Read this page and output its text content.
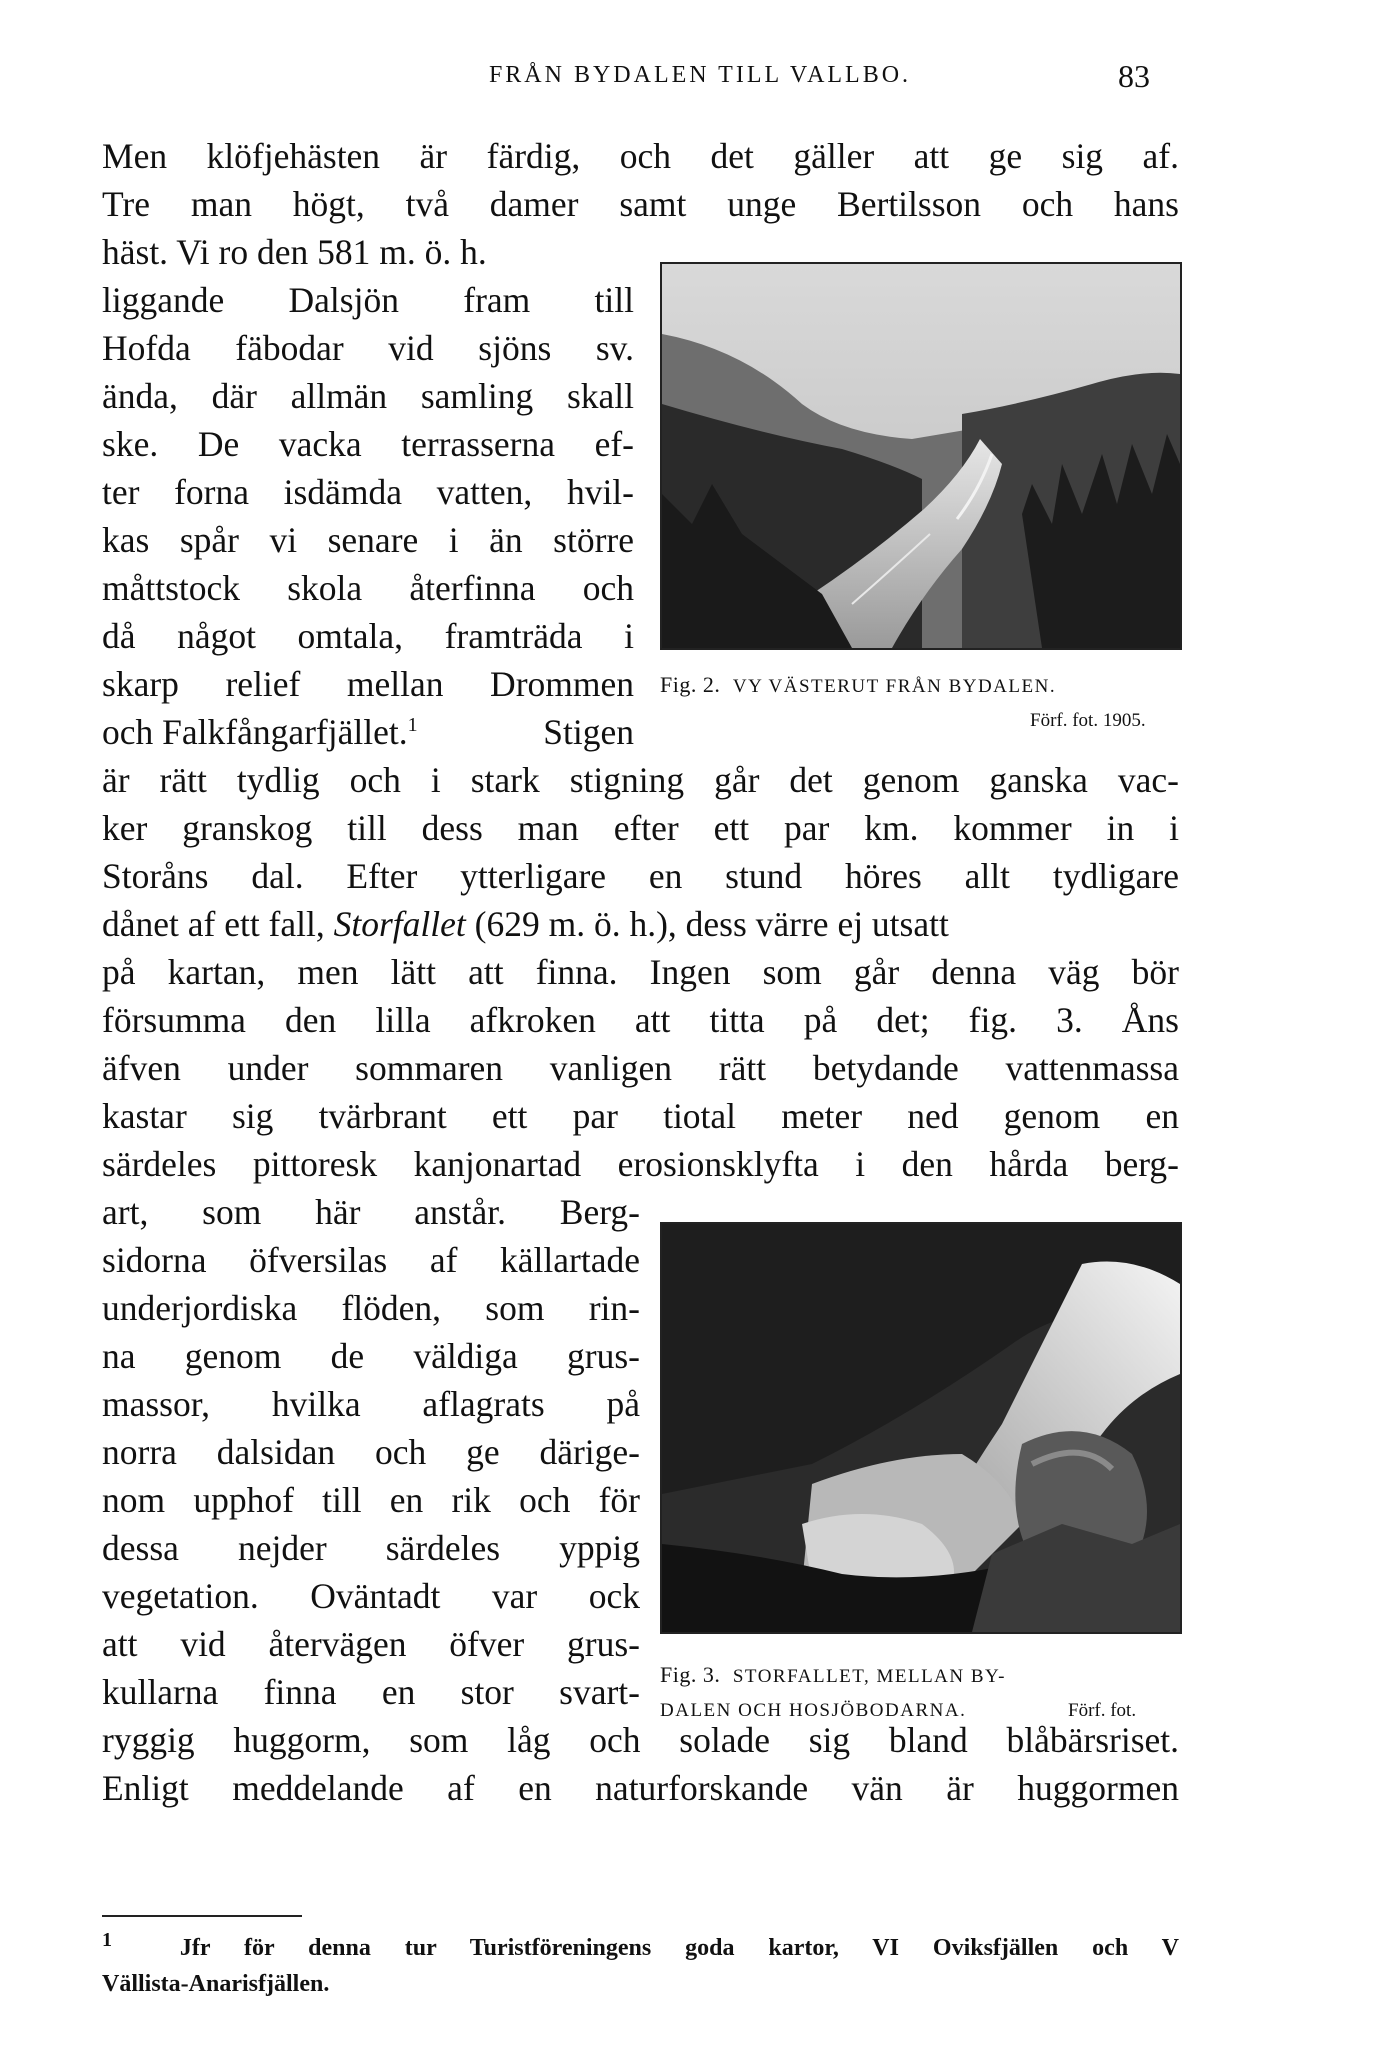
FRÅN BYDALEN TILL VALLBO.	83
Men klöfjehästen är färdig, och det gäller att ge sig af.
Tre man högt, två damer samt unge Bertilsson och hans
häst. Vi ro den 581 m. ö. h.
liggande Dalsjön fram till
Hofda fäbodar vid sjöns sv.
ända, där allmän samling skall
ske. De vacka terrasserna ef-
ter forna isdämda vatten, hvil-
kas spår vi senare i än större
måttstock skola återfinna och
då något omtala, framträda i
skarp relief mellan Drommen
och Falkfångarfjället.$^1$	Stigen
är rätt tydlig och i stark stigning går det genom ganska vac-
ker granskog till dess man efter ett par km. kommer in i
Storåns dal. Efter ytterligare en stund höres allt tydligare
dånet af ett fall, Storfallet (629 m. ö. h.), dess värre ej utsatt
på kartan, men lätt att finna. Ingen som går denna väg bör
försumma den lilla afkroken att titta på det; fig. 3. Åns
äfven under sommaren vanligen rätt betydande vattenmassa
kastar sig tvärbrant ett par tiotal meter ned genom en
särdeles pittoresk kanjonartad erosionsklyfta i den hårda berg-
art, som här anstår. Berg-
sidorna öfversilas af källartade
underjordiska flöden, som rin-
na genom de väldiga grus-
massor, hvilka aflagrats på
norra dalsidan och ge därige-
nom upphof till en rik och för
dessa nejder särdeles yppig
vegetation. Oväntadt var ock
att vid återvägen öfver grus-
kullarna finna en stor svart-
ryggig huggorm, som låg och solade sig bland blåbärsriset.
Enligt meddelande af en naturforskande vän är huggormen
Fig. 2. VY VÄSTERUT FRÅN BYDALEN.
Förf. fot. 1905.
Fig. 3. STORFALLET, MELLAN BY-
DALEN OCH HOSJÖBODARNA.	Förf. fot.
$^1$	Jfr för denna tur Turistföreningens goda kartor, VI Oviksfjällen och V
Vällista-Anarisfjällen.
